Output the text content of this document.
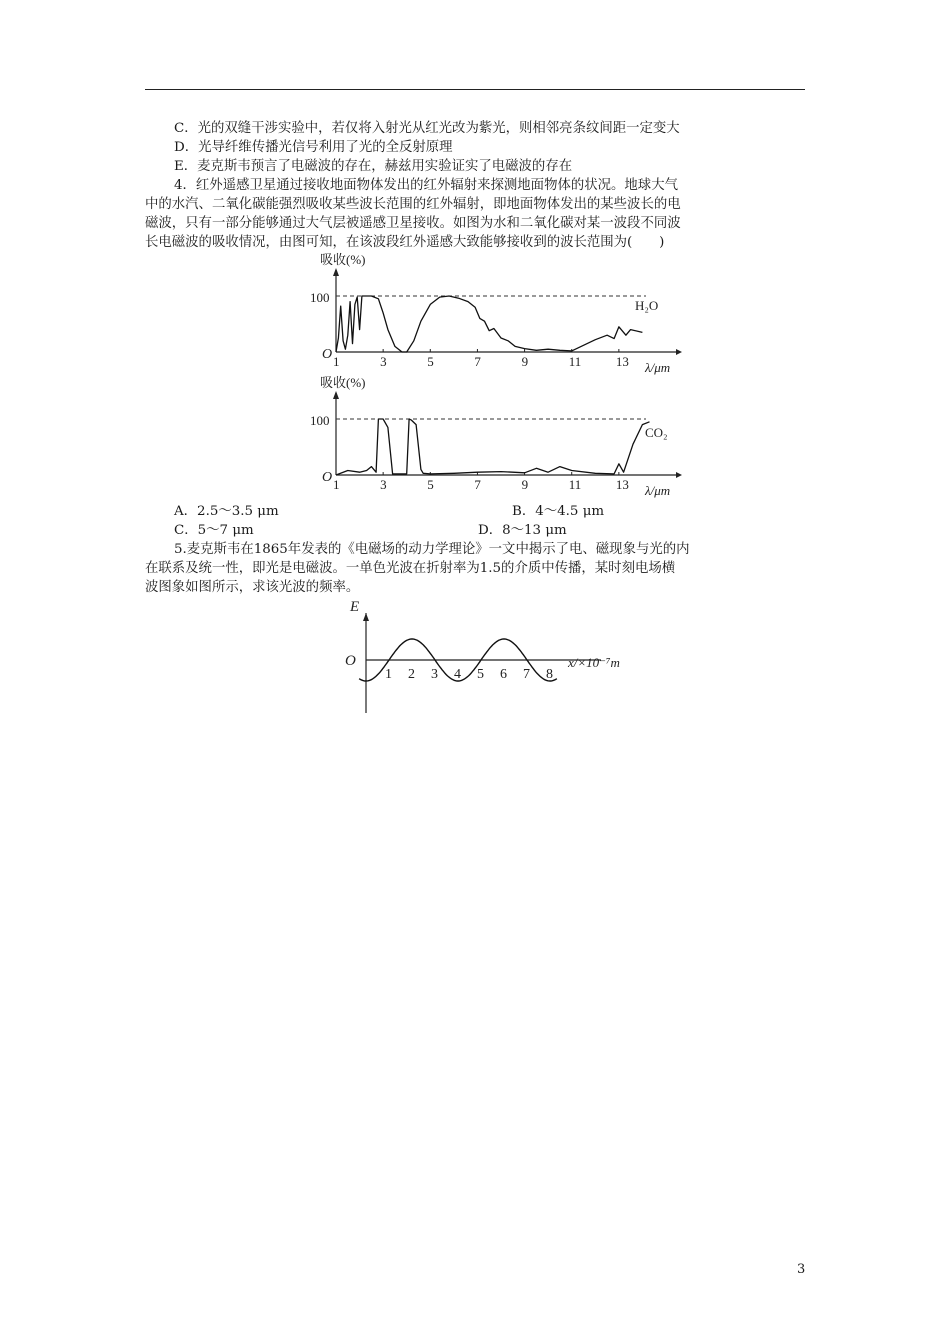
C．光的双缝干涉实验中，若仅将入射光从红光改为紫光，则相邻亮条纹间距一定变大
D．光导纤维传播光信号利用了光的全反射原理
E．麦克斯韦预言了电磁波的存在，赫兹用实验证实了电磁波的存在
4．红外遥感卫星通过接收地面物体发出的红外辐射来探测地面物体的状况。地球大气
中的水汽、二氧化碳能强烈吸收某些波长范围的红外辐射，即地面物体发出的某些波长的电
磁波，只有一部分能够通过大气层被遥感卫星接收。如图为水和二氧化碳对某一波段不同波
长电磁波的吸收情况，由图可知，在该波段红外遥感大致能够接收到的波长范围为(　　)
吸收(%)
100
O
H₂O
λ/μm
1	3	5	7	9	11	13
吸收(%)
100
O
CO₂
λ/μm
1	3	5	7	9	11	13
A．2.5～3.5 μm	B．4～4.5 μm
C．5～7 μm	D．8～13 μm
5.麦克斯韦在1865年发表的《电磁场的动力学理论》一文中揭示了电、磁现象与光的内
在联系及统一性，即光是电磁波。一单色光波在折射率为1.5的介质中传播，某时刻电场横
波图象如图所示，求该光波的频率。
E
O	x/×10⁻⁷m
1 2 3 4 5 6 7 8
3
